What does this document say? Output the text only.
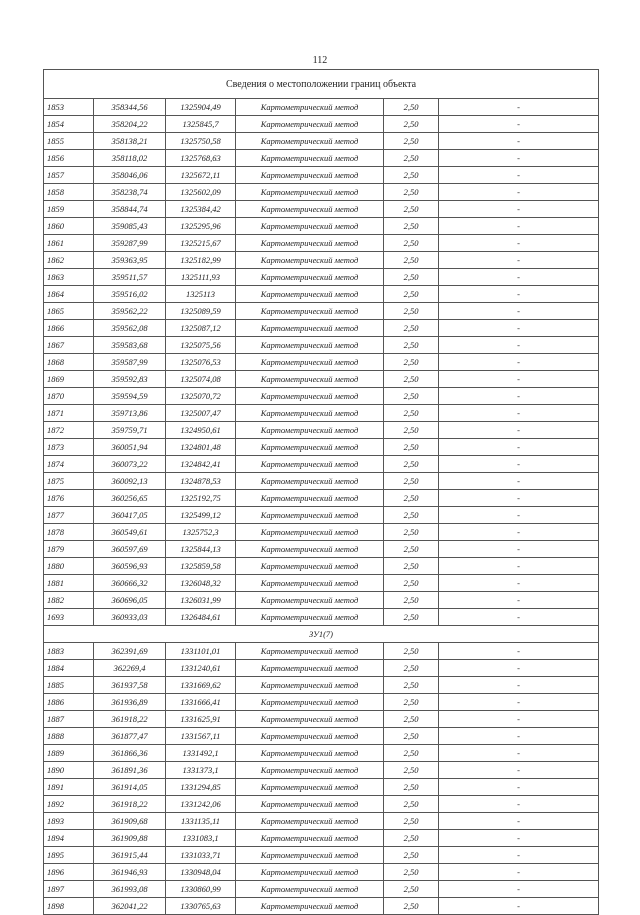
112
Сведения о местоположении границ объекта					
1853	358344,56	1325904,49	Картометрический метод	2,50	-
1854	358204,22	1325845,7	Картометрический метод	2,50	-
1855	358138,21	1325750,58	Картометрический метод	2,50	-
1856	358118,02	1325768,63	Картометрический метод	2,50	-
1857	358046,06	1325672,11	Картометрический метод	2,50	-
1858	358238,74	1325602,09	Картометрический метод	2,50	-
1859	358844,74	1325384,42	Картометрический метод	2,50	-
1860	359085,43	1325295,96	Картометрический метод	2,50	-
1861	359287,99	1325215,67	Картометрический метод	2,50	-
1862	359363,95	1325182,99	Картометрический метод	2,50	-
1863	359511,57	1325111,93	Картометрический метод	2,50	-
1864	359516,02	1325113	Картометрический метод	2,50	-
1865	359562,22	1325089,59	Картометрический метод	2,50	-
1866	359562,08	1325087,12	Картометрический метод	2,50	-
1867	359583,68	1325075,56	Картометрический метод	2,50	-
1868	359587,99	1325076,53	Картометрический метод	2,50	-
1869	359592,83	1325074,08	Картометрический метод	2,50	-
1870	359594,59	1325070,72	Картометрический метод	2,50	-
1871	359713,86	1325007,47	Картометрический метод	2,50	-
1872	359759,71	1324950,61	Картометрический метод	2,50	-
1873	360051,94	1324801,48	Картометрический метод	2,50	-
1874	360073,22	1324842,41	Картометрический метод	2,50	-
1875	360092,13	1324878,53	Картометрический метод	2,50	-
1876	360256,65	1325192,75	Картометрический метод	2,50	-
1877	360417,05	1325499,12	Картометрический метод	2,50	-
1878	360549,61	1325752,3	Картометрический метод	2,50	-
1879	360597,69	1325844,13	Картометрический метод	2,50	-
1880	360596,93	1325859,58	Картометрический метод	2,50	-
1881	360666,32	1326048,32	Картометрический метод	2,50	-
1882	360696,05	1326031,99	Картометрический метод	2,50	-
1693	360933,03	1326484,61	Картометрический метод	2,50	-
ЗУ1(7)					
1883	362391,69	1331101,01	Картометрический метод	2,50	-
1884	362269,4	1331240,61	Картометрический метод	2,50	-
1885	361937,58	1331669,62	Картометрический метод	2,50	-
1886	361936,89	1331666,41	Картометрический метод	2,50	-
1887	361918,22	1331625,91	Картометрический метод	2,50	-
1888	361877,47	1331567,11	Картометрический метод	2,50	-
1889	361866,36	1331492,1	Картометрический метод	2,50	-
1890	361891,36	1331373,1	Картометрический метод	2,50	-
1891	361914,05	1331294,85	Картометрический метод	2,50	-
1892	361918,22	1331242,06	Картометрический метод	2,50	-
1893	361909,68	1331135,11	Картометрический метод	2,50	-
1894	361909,88	1331083,1	Картометрический метод	2,50	-
1895	361915,44	1331033,71	Картометрический метод	2,50	-
1896	361946,93	1330948,04	Картометрический метод	2,50	-
1897	361993,08	1330860,99	Картометрический метод	2,50	-
1898	362041,22	1330765,63	Картометрический метод	2,50	-
